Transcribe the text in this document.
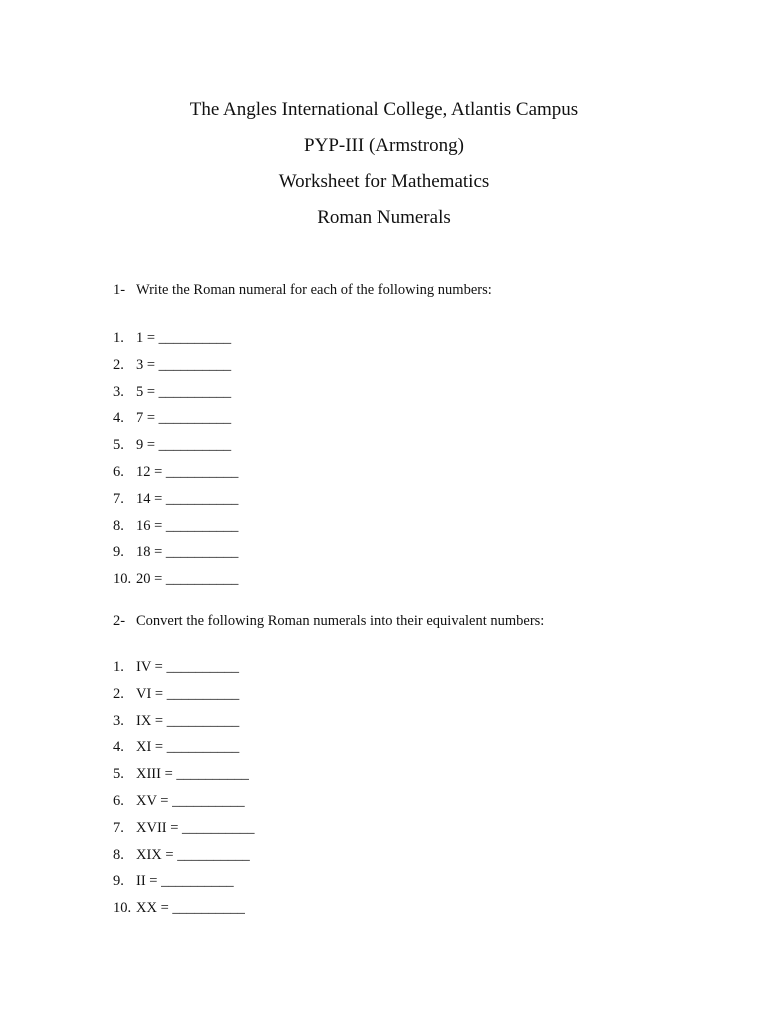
The Angles International College, Atlantis Campus

PYP-III (Armstrong)

Worksheet for Mathematics

Roman Numerals

1- Write the Roman numeral for each of the following numbers:

1. 1 = __________
2. 3 = __________
3. 5 = __________
4. 7 = __________
5. 9 = __________
6. 12 = __________
7. 14 = __________
8. 16 = __________
9. 18 = __________
10. 20 = __________

2- Convert the following Roman numerals into their equivalent numbers:

1. IV = __________
2. VI = __________
3. IX = __________
4. XI = __________
5. XIII = __________
6. XV = __________
7. XVII = __________
8. XIX = __________
9. II = __________
10. XX = __________
